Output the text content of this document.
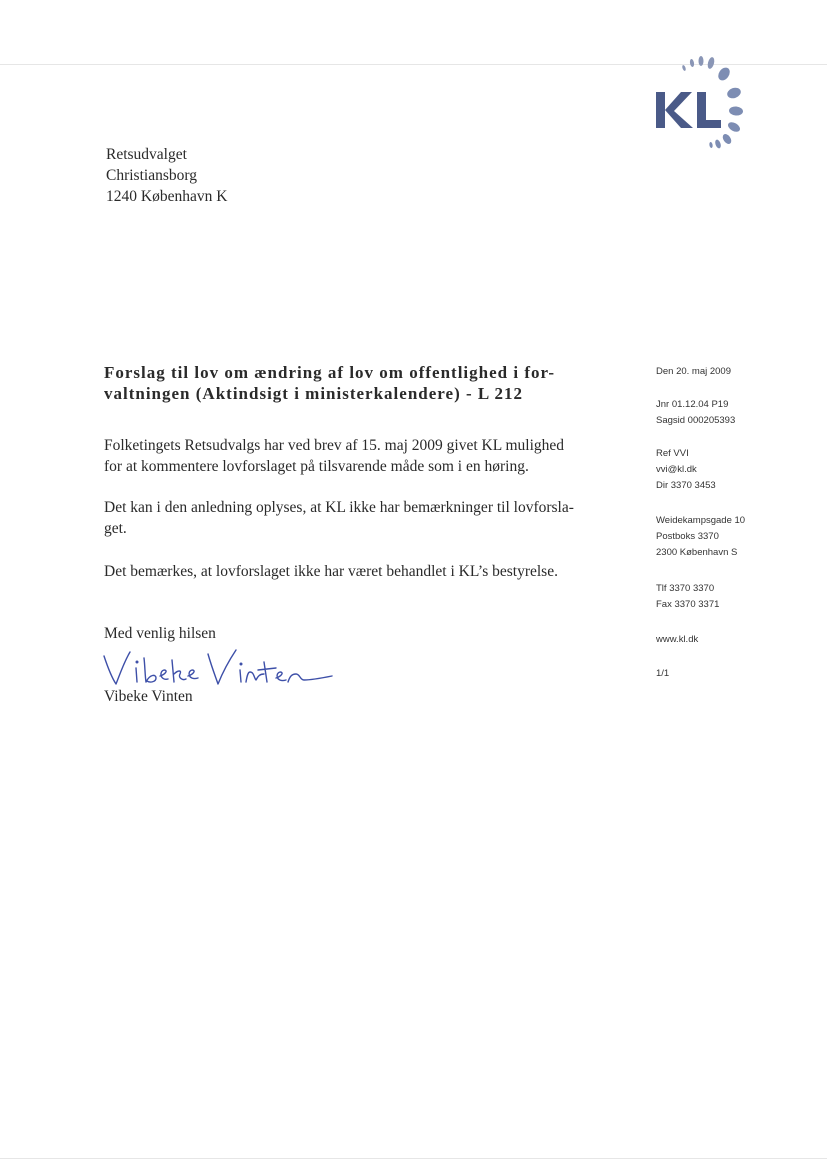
Retsudvalget
Christiansborg
1240 København K
Forslag til lov om ændring af lov om offentlighed i for-
valtningen (Aktindsigt i ministerkalendere) - L 212
Folketingets Retsudvalgs har ved brev af 15. maj 2009 givet KL mulighed
for at kommentere lovforslaget på tilsvarende måde som i en høring.
Det kan i den anledning oplyses, at KL ikke har bemærkninger til lovforsla-
get.
Det bemærkes, at lovforslaget ikke har været behandlet i KL’s bestyrelse.
Med venlig hilsen
Vibeke Vinten
Den 20. maj 2009
Jnr 01.12.04 P19
Sagsid 000205393
Ref VVI
vvi@kl.dk
Dir 3370 3453
Weidekampsgade 10
Postboks 3370
2300 København S
Tlf 3370 3370
Fax 3370 3371
www.kl.dk
1/1
